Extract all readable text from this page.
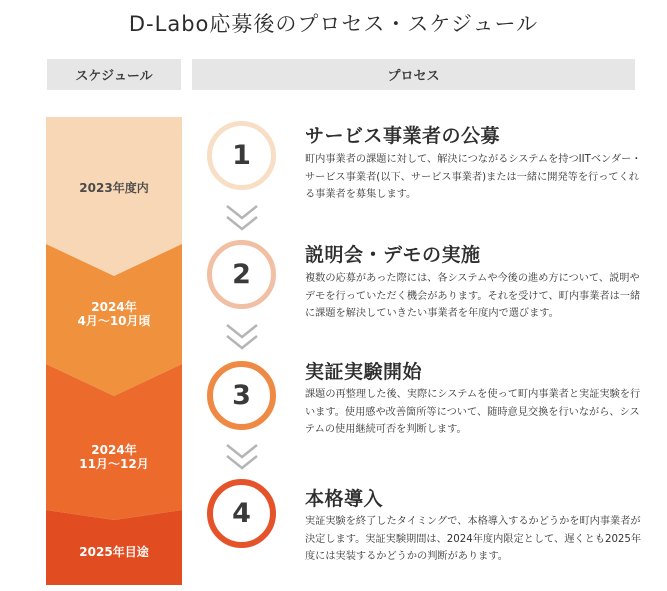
D-Labo応募後のプロセス・スケジュール
スケジュール	プロセス
2023年度内
2024年
4月～10月頃
2024年
11月～12月
2025年目途
1
2
3
4
サービス事業者の公募
町内事業者の課題に対して、解決につながるシステムを持つIITベンダー・サービス事業者(以下、サービス事業者)または一緒に開発等を行ってくれる事業者を募集します。
説明会・デモの実施
複数の応募があった際には、各システムや今後の進め方について、説明やデモを行っていただく機会があります。それを受けて、町内事業者は一緒に課題を解決していきたい事業者を年度内で選びます。
実証実験開始
課題の再整理した後、実際にシステムを使って町内事業者と実証実験を行います。使用感や改善箇所等について、随時意見交換を行いながら、システムの使用継続可否を判断します。
本格導入
実証実験を終了したタイミングで、本格導入するかどうかを町内事業者が決定します。実証実験期間は、2024年度内限定として、遅くとも2025年度には実装するかどうかの判断があります。
